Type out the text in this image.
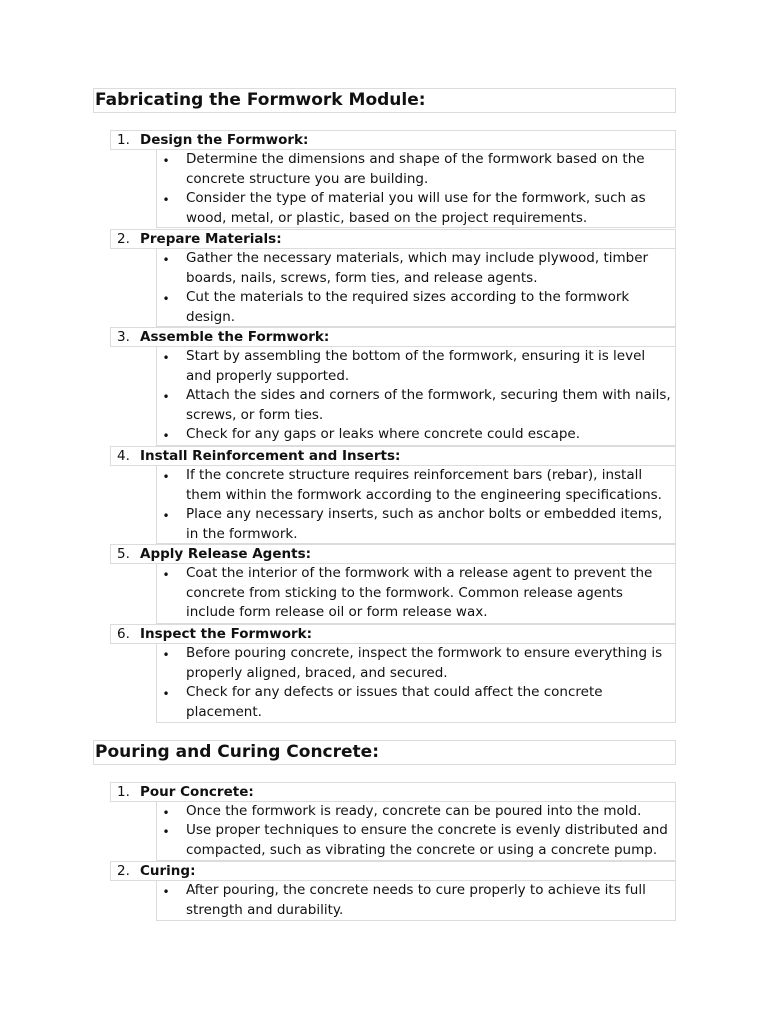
Fabricating the Formwork Module:
1. Design the Formwork:
• Determine the dimensions and shape of the formwork based on the concrete structure you are building.
• Consider the type of material you will use for the formwork, such as wood, metal, or plastic, based on the project requirements.
2. Prepare Materials:
• Gather the necessary materials, which may include plywood, timber boards, nails, screws, form ties, and release agents.
• Cut the materials to the required sizes according to the formwork design.
3. Assemble the Formwork:
• Start by assembling the bottom of the formwork, ensuring it is level and properly supported.
• Attach the sides and corners of the formwork, securing them with nails, screws, or form ties.
• Check for any gaps or leaks where concrete could escape.
4. Install Reinforcement and Inserts:
• If the concrete structure requires reinforcement bars (rebar), install them within the formwork according to the engineering specifications.
• Place any necessary inserts, such as anchor bolts or embedded items, in the formwork.
5. Apply Release Agents:
• Coat the interior of the formwork with a release agent to prevent the concrete from sticking to the formwork. Common release agents include form release oil or form release wax.
6. Inspect the Formwork:
• Before pouring concrete, inspect the formwork to ensure everything is properly aligned, braced, and secured.
• Check for any defects or issues that could affect the concrete placement.
Pouring and Curing Concrete:
1. Pour Concrete:
• Once the formwork is ready, concrete can be poured into the mold.
• Use proper techniques to ensure the concrete is evenly distributed and compacted, such as vibrating the concrete or using a concrete pump.
2. Curing:
• After pouring, the concrete needs to cure properly to achieve its full strength and durability.
